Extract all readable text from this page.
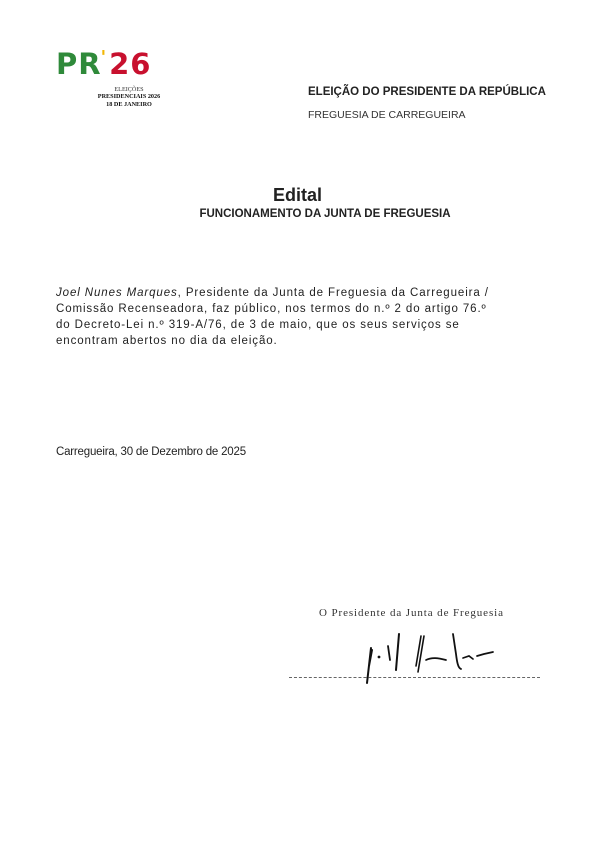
PR'26
ELEIÇÕES
PRESIDENCIAIS 2026
18 DE JANEIRO
ELEIÇÃO DO PRESIDENTE DA REPÚBLICA
FREGUESIA DE CARREGUEIRA
Edital
FUNCIONAMENTO DA JUNTA DE FREGUESIA

Joel Nunes Marques, Presidente da Junta de Freguesia da Carregueira /

Comissão Recenseadora, faz público, nos termos do n.º 2 do artigo 76.º

do Decreto-Lei n.º 319-A/76, de 3 de maio, que os seus serviços se

encontram abertos no dia da eleição.

Carregueira, 30 de Dezembro de 2025
O Presidente da Junta de Freguesia
